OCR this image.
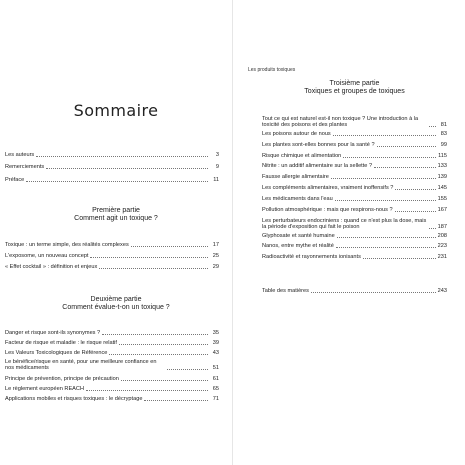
Sommaire
Les auteurs	3
Remerciements	9
Préface	11
Première partie
Comment agit un toxique ?
Toxique : un terme simple, des réalités complexes	17
L'exposome, un nouveau concept	25
« Effet cocktail » : définition et enjeux	29
Deuxième partie
Comment évalue-t-on un toxique ?
Danger et risque sont-ils synonymes ?	35
Facteur de risque et maladie : le risque relatif	39
Les Valeurs Toxicologiques de Référence	43
Le bénéfice/risque en santé, pour une meilleure confiance en nos médicaments	51
Principe de prévention, principe de précaution	61
Le règlement européen REACH	65
Applications mobiles et risques toxiques : le décryptage	71
Les produits toxiques
Troisième partie
Toxiques et groupes de toxiques
Tout ce qui est naturel est-il non toxique ? Une introduction à la toxicité des poisons et des plantes	81
Les poisons autour de nous	83
Les plantes sont-elles bonnes pour la santé ?	99
Risque chimique et alimentation	115
Nitrite : un additif alimentaire sur la sellette ?	133
Fausse allergie alimentaire	139
Les compléments alimentaires, vraiment inoffensifs ?	145
Les médicaments dans l'eau	155
Pollution atmosphérique : mais que respirons-nous ?	167
Les perturbateurs endocriniens : quand ce n'est plus la dose, mais la période d'exposition qui fait le poison	187
Glyphosate et santé humaine	208
Nanos, entre mythe et réalité	223
Radioactivité et rayonnements ionisants	231
Table des matières	243
